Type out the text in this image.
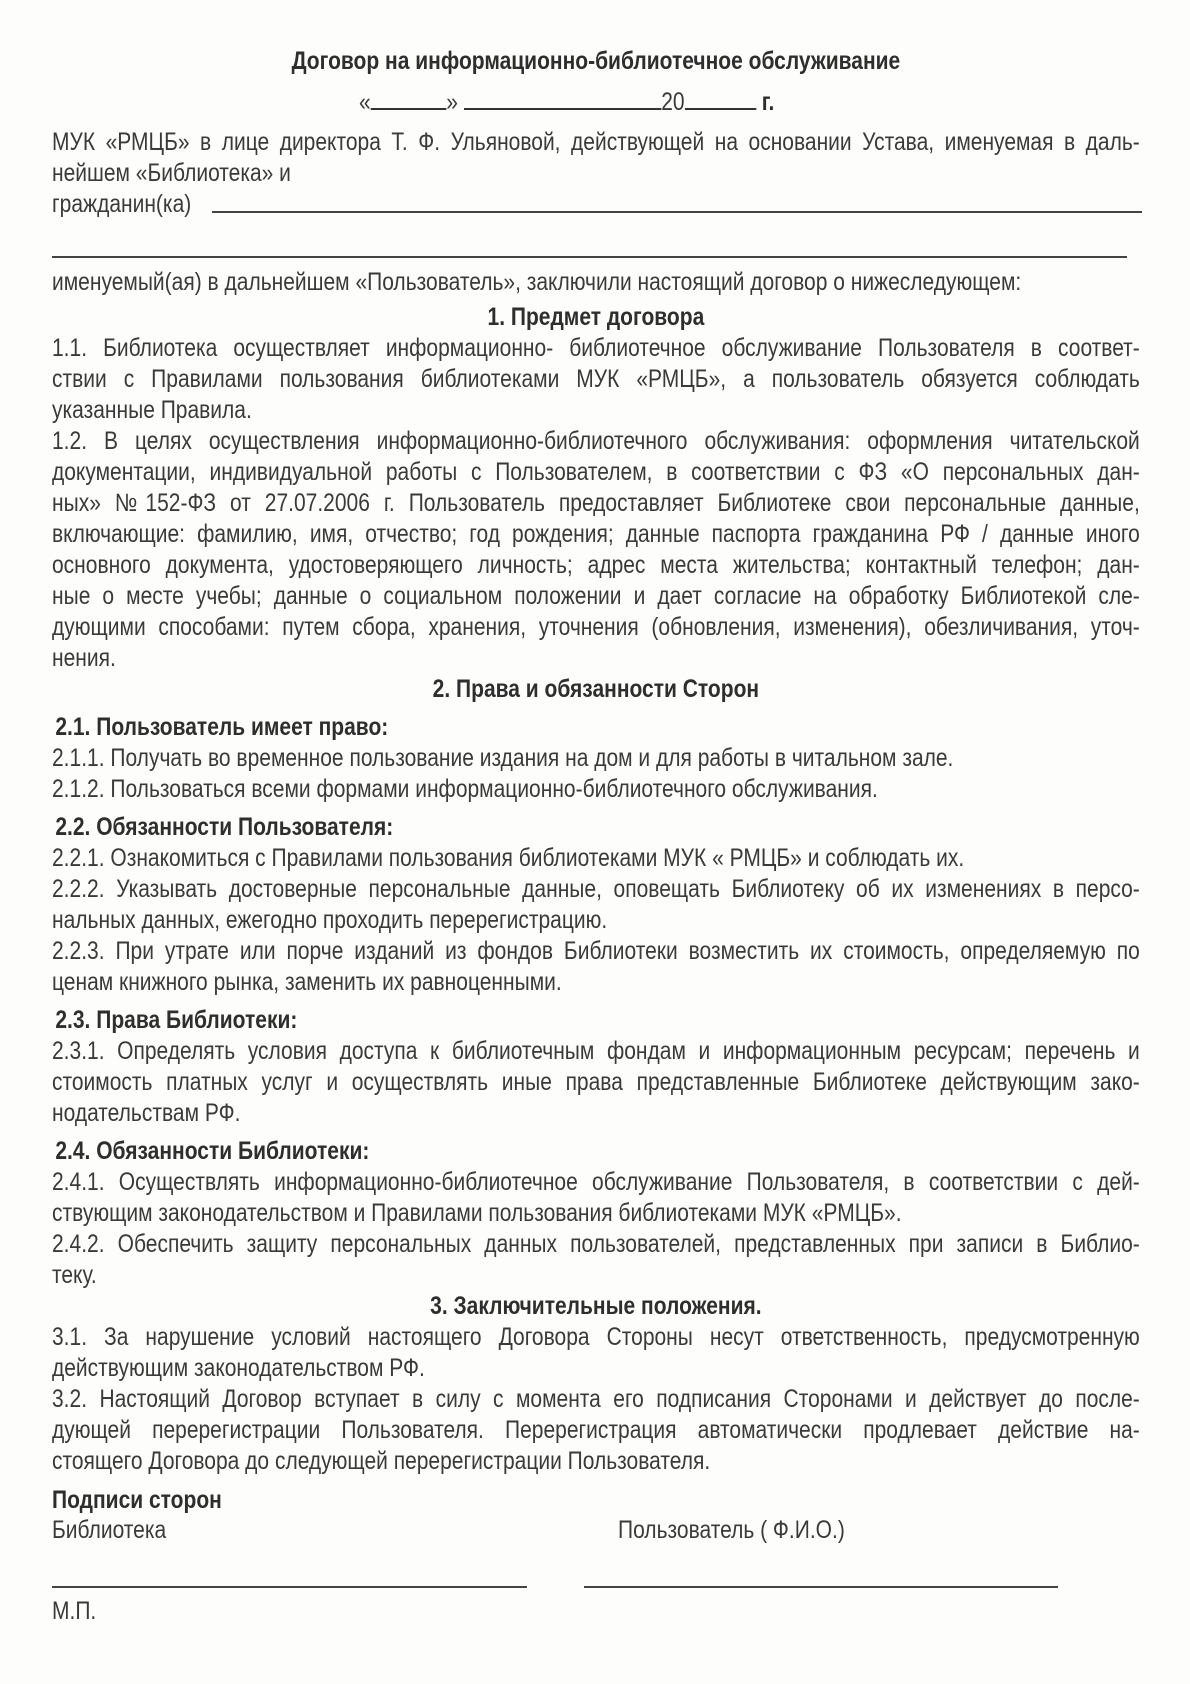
Договор на информационно-библиотечное обслуживание
«	»	20	г.
МУК «РМЦБ» в лице директора Т. Ф. Ульяновой, действующей на основании Устава, именуемая в даль-
нейшем «Библиотека» и
гражданин(ка)
именуемый(ая) в дальнейшем «Пользователь», заключили настоящий договор о нижеследующем:
1. Предмет договора
1.1. Библиотека осуществляет информационно- библиотечное обслуживание Пользователя в соответ-
ствии с Правилами пользования библиотеками МУК «РМЦБ», а пользователь обязуется соблюдать
указанные Правила.
1.2. В целях осуществления информационно-библиотечного обслуживания: оформления читательской
документации, индивидуальной работы с Пользователем, в соответствии с ФЗ «О персональных дан-
ных» №152-ФЗ от 27.07.2006 г. Пользователь предоставляет Библиотеке свои персональные данные,
включающие: фамилию, имя, отчество; год рождения; данные паспорта гражданина РФ / данные иного
основного документа, удостоверяющего личность; адрес места жительства; контактный телефон; дан-
ные о месте учебы; данные о социальном положении и дает согласие на обработку Библиотекой сле-
дующими способами: путем сбора, хранения, уточнения (обновления, изменения), обезличивания, уточ-
нения.
2. Права и обязанности Сторон
2.1. Пользователь имеет право:
2.1.1. Получать во временное пользование издания на дом и для работы в читальном зале.
2.1.2. Пользоваться всеми формами информационно-библиотечного обслуживания.
2.2. Обязанности Пользователя:
2.2.1. Ознакомиться с Правилами пользования библиотеками МУК « РМЦБ» и соблюдать их.
2.2.2. Указывать достоверные персональные данные, оповещать Библиотеку об их изменениях в персо-
нальных данных, ежегодно проходить перерегистрацию.
2.2.3. При утрате или порче изданий из фондов Библиотеки возместить их стоимость, определяемую по
ценам книжного рынка, заменить их равноценными.
2.3. Права Библиотеки:
2.3.1. Определять условия доступа к библиотечным фондам и информационным ресурсам; перечень и
стоимость платных услуг и осуществлять иные права представленные Библиотеке действующим зако-
нодательствам РФ.
2.4. Обязанности Библиотеки:
2.4.1. Осуществлять информационно-библиотечное обслуживание Пользователя, в соответствии с дей-
ствующим законодательством и Правилами пользования библиотеками МУК «РМЦБ».
2.4.2. Обеспечить защиту персональных данных пользователей, представленных при записи в Библио-
теку.
3. Заключительные положения.
3.1. За нарушение условий настоящего Договора Стороны несут ответственность, предусмотренную
действующим законодательством РФ.
3.2. Настоящий Договор вступает в силу с момента его подписания Сторонами и действует до после-
дующей перерегистрации Пользователя. Перерегистрация автоматически продлевает действие на-
стоящего Договора до следующей перерегистрации Пользователя.
Подписи сторон
Библиотека	Пользователь ( Ф.И.О.)
М.П.
